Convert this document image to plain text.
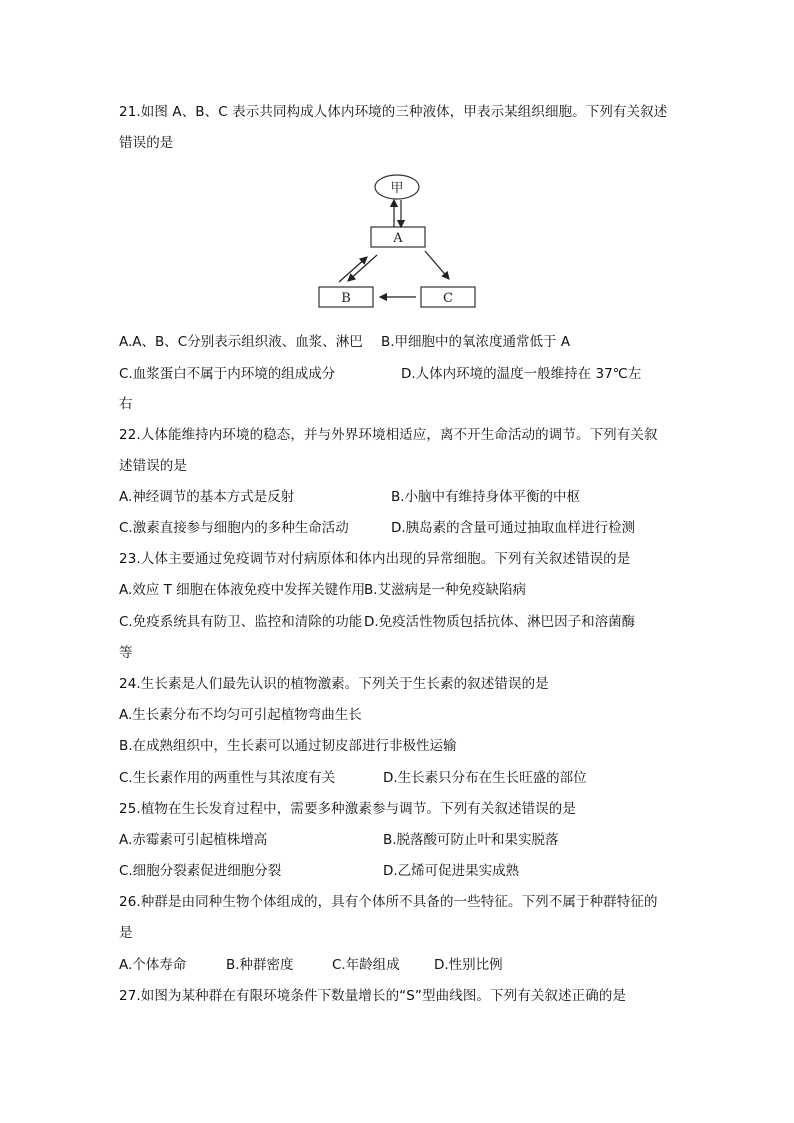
21.如图 A、B、C 表示共同构成人体内环境的三种液体，甲表示某组织细胞。下列有关叙述
错误的是
甲
A
B	C
A.A、B、C分别表示组织液、血浆、淋巴 B.甲细胞中的氧浓度通常低于 A
C.血浆蛋白不属于内环境的组成成分	D.人体内环境的温度一般维持在 37℃左
右
22.人体能维持内环境的稳态，并与外界环境相适应，离不开生命活动的调节。下列有关叙
述错误的是
A.神经调节的基本方式是反射	B.小脑中有维持身体平衡的中枢
C.激素直接参与细胞内的多种生命活动	D.胰岛素的含量可通过抽取血样进行检测
23.人体主要通过免疫调节对付病原体和体内出现的异常细胞。下列有关叙述错误的是
A.效应 T 细胞在体液免疫中发挥关键作用
B.艾滋病是一种免疫缺陷病
C.免疫系统具有防卫、监控和清除的功能 D.免疫活性物质包括抗体、淋巴因子和溶菌酶
等
24.生长素是人们最先认识的植物激素。下列关于生长素的叙述错误的是
A.生长素分布不均匀可引起植物弯曲生长
B.在成熟组织中，生长素可以通过韧皮部进行非极性运输
C.生长素作用的两重性与其浓度有关	D.生长素只分布在生长旺盛的部位
25.植物在生长发育过程中，需要多种激素参与调节。下列有关叙述错误的是
A.赤霉素可引起植株增高	B.脱落酸可防止叶和果实脱落
C.细胞分裂素促进细胞分裂	D.乙烯可促进果实成熟
26.种群是由同种生物个体组成的，具有个体所不具备的一些特征。下列不属于种群特征的
是
A.个体寿命	B.种群密度	C.年龄组成	D.性别比例
27.如图为某种群在有限环境条件下数量增长的“S”型曲线图。下列有关叙述正确的是
